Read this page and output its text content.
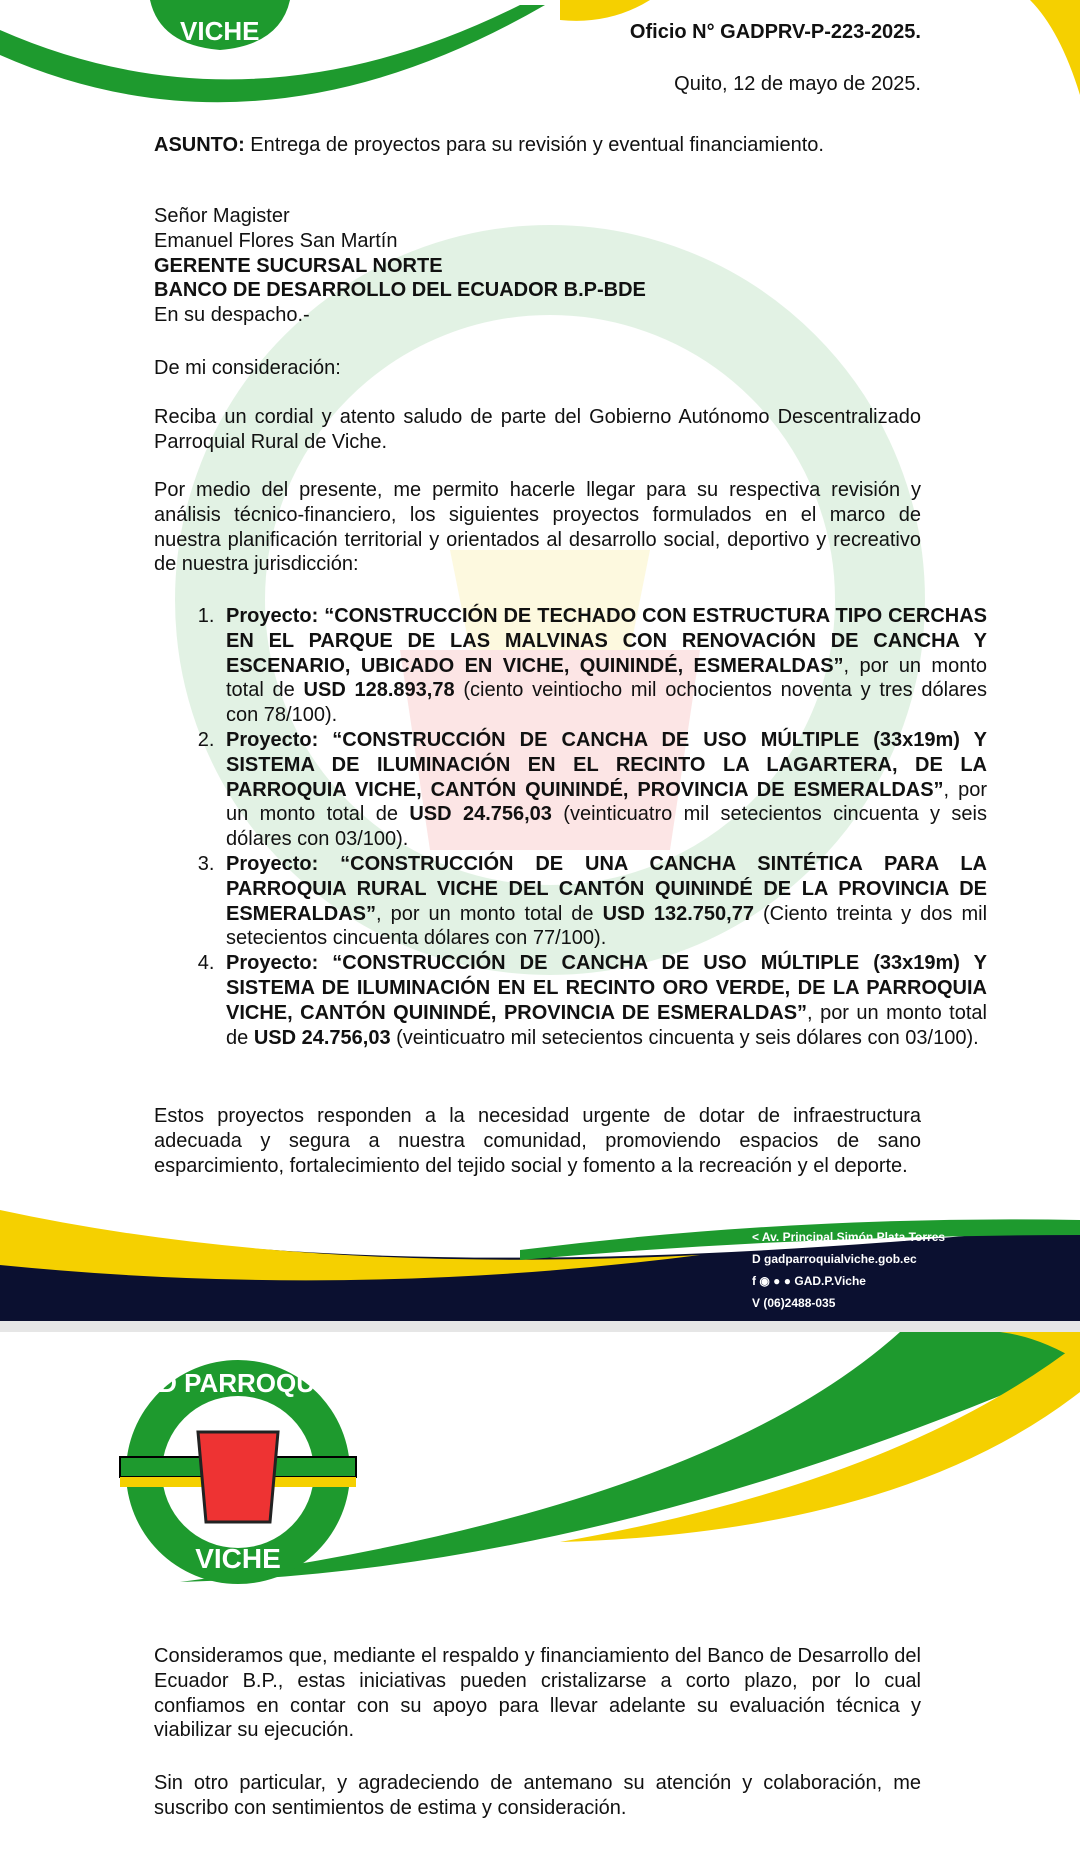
VICHE	Oficio N° GADPRV-P-223-2025.
Quito, 12 de mayo de 2025.
ASUNTO: Entrega de proyectos para su revisión y eventual financiamiento.
Señor Magister
Emanuel Flores San Martín
GERENTE SUCURSAL NORTE
BANCO DE DESARROLLO DEL ECUADOR B.P-BDE
En su despacho.-
De mi consideración:
Reciba un cordial y atento saludo de parte del Gobierno Autónomo Descentralizado Parroquial Rural de Viche.
Por medio del presente, me permito hacerle llegar para su respectiva revisión y análisis técnico-financiero, los siguientes proyectos formulados en el marco de nuestra planificación territorial y orientados al desarrollo social, deportivo y recreativo de nuestra jurisdicción:
1. Proyecto: “CONSTRUCCIÓN DE TECHADO CON ESTRUCTURA TIPO CERCHAS EN EL PARQUE DE LAS MALVINAS CON RENOVACIÓN DE CANCHA Y ESCENARIO, UBICADO EN VICHE, QUININDÉ, ESMERALDAS”, por un monto total de USD 128.893,78 (ciento veintiocho mil ochocientos noventa y tres dólares con 78/100).
2. Proyecto: “CONSTRUCCIÓN DE CANCHA DE USO MÚLTIPLE (33x19m) Y SISTEMA DE ILUMINACIÓN EN EL RECINTO LA LAGARTERA, DE LA PARROQUIA VICHE, CANTÓN QUININDÉ, PROVINCIA DE ESMERALDAS”, por un monto total de USD 24.756,03 (veinticuatro mil setecientos cincuenta y seis dólares con 03/100).
3. Proyecto: “CONSTRUCCIÓN DE UNA CANCHA SINTÉTICA PARA LA PARROQUIA RURAL VICHE DEL CANTÓN QUININDÉ DE LA PROVINCIA DE ESMERALDAS”, por un monto total de USD 132.750,77 (Ciento treinta y dos mil setecientos cincuenta dólares con 77/100).
4. Proyecto: “CONSTRUCCIÓN DE CANCHA DE USO MÚLTIPLE (33x19m) Y SISTEMA DE ILUMINACIÓN EN EL RECINTO ORO VERDE, DE LA PARROQUIA VICHE, CANTÓN QUININDÉ, PROVINCIA DE ESMERALDAS”, por un monto total de USD 24.756,03 (veinticuatro mil setecientos cincuenta y seis dólares con 03/100).
Estos proyectos responden a la necesidad urgente de dotar de infraestructura adecuada y segura a nuestra comunidad, promoviendo espacios de sano esparcimiento, fortalecimiento del tejido social y fomento a la recreación y el deporte.
< Av. Principal Simón Plata Torres
D gadparroquialviche.gob.ec
f ◉ ● ● GAD.P.Viche
V (06)2488-035
GAD PARROQUIAL
VICHE
Consideramos que, mediante el respaldo y financiamiento del Banco de Desarrollo del Ecuador B.P., estas iniciativas pueden cristalizarse a corto plazo, por lo cual confiamos en contar con su apoyo para llevar adelante su evaluación técnica y viabilizar su ejecución.
Sin otro particular, y agradeciendo de antemano su atención y colaboración, me suscribo con sentimientos de estima y consideración.
